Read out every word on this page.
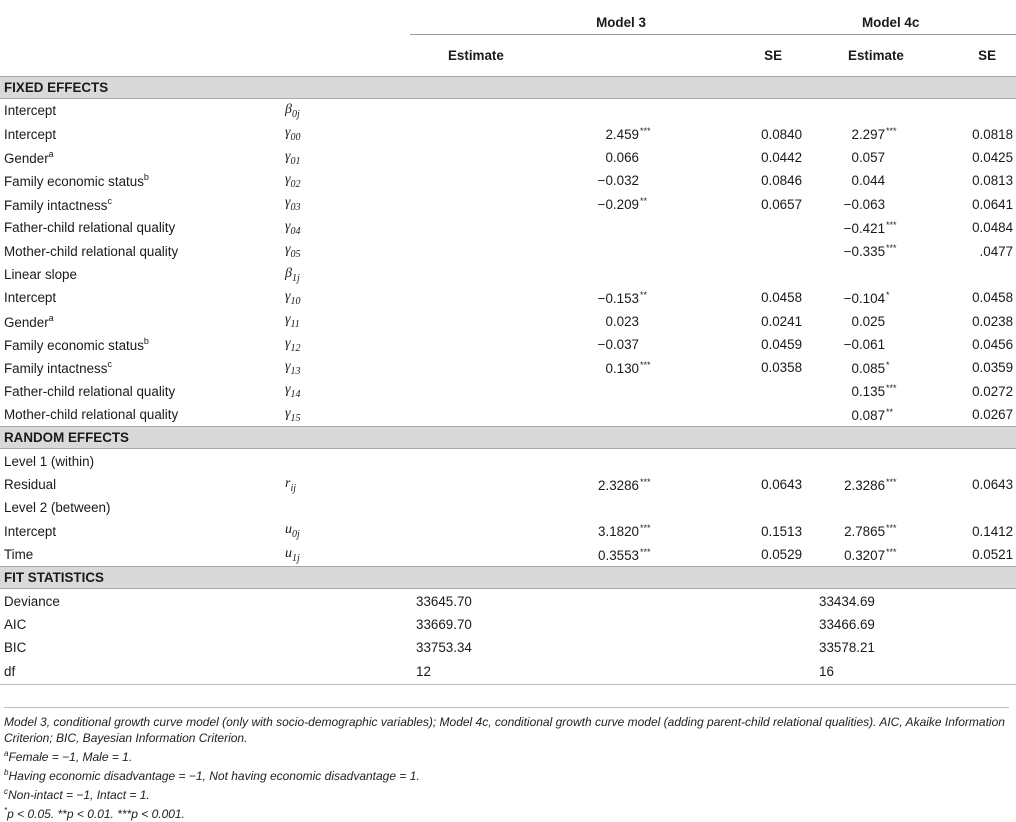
		Model 3		Model 4c	
		Estimate	SE	Estimate	SE
FIXED EFFECTS					
Intercept	$\beta_{0j}$				
Intercept	$\gamma_{00}$	2.459***	0.0840	2.297***	0.0818
Gender$^a$	$\gamma_{01}$	0.066	0.0442	0.057	0.0425
Family economic status$^b$	$\gamma_{02}$	−0.032	0.0846	0.044	0.0813
Family intactness$^c$	$\gamma_{03}$	−0.209**	0.0657	−0.063	0.0641
Father-child relational quality	$\gamma_{04}$			−0.421***	0.0484
Mother-child relational quality	$\gamma_{05}$			−0.335***	.0477
Linear slope	$\beta_{1j}$				
Intercept	$\gamma_{10}$	−0.153**	0.0458	−0.104*	0.0458
Gender$^a$	$\gamma_{11}$	0.023	0.0241	0.025	0.0238
Family economic status$^b$	$\gamma_{12}$	−0.037	0.0459	−0.061	0.0456
Family intactness$^c$	$\gamma_{13}$	0.130***	0.0358	0.085*	0.0359
Father-child relational quality	$\gamma_{14}$			0.135***	0.0272
Mother-child relational quality	$\gamma_{15}$			0.087**	0.0267
RANDOM EFFECTS					
Level 1 (within)					
Residual	$r_{ij}$	2.3286***	0.0643	2.3286***	0.0643
Level 2 (between)					
Intercept	$u_{0j}$	3.1820***	0.1513	2.7865***	0.1412
Time	$u_{1j}$	0.3553***	0.0529	0.3207***	0.0521
FIT STATISTICS					
Deviance		33645.70		33434.69	
AIC		33669.70		33466.69	
BIC		33753.34		33578.21	
df		12		16	

Model 3, conditional growth curve model (only with socio-demographic variables); Model 4c, conditional growth curve model (adding parent-child relational qualities). AIC, Akaike Information Criterion; BIC, Bayesian Information Criterion.

$^a$Female = −1, Male = 1.

$^b$Having economic disadvantage = −1, Not having economic disadvantage = 1.

$^c$Non-intact = −1, Intact = 1.

*p < 0.05. **p < 0.01. ***p < 0.001.
